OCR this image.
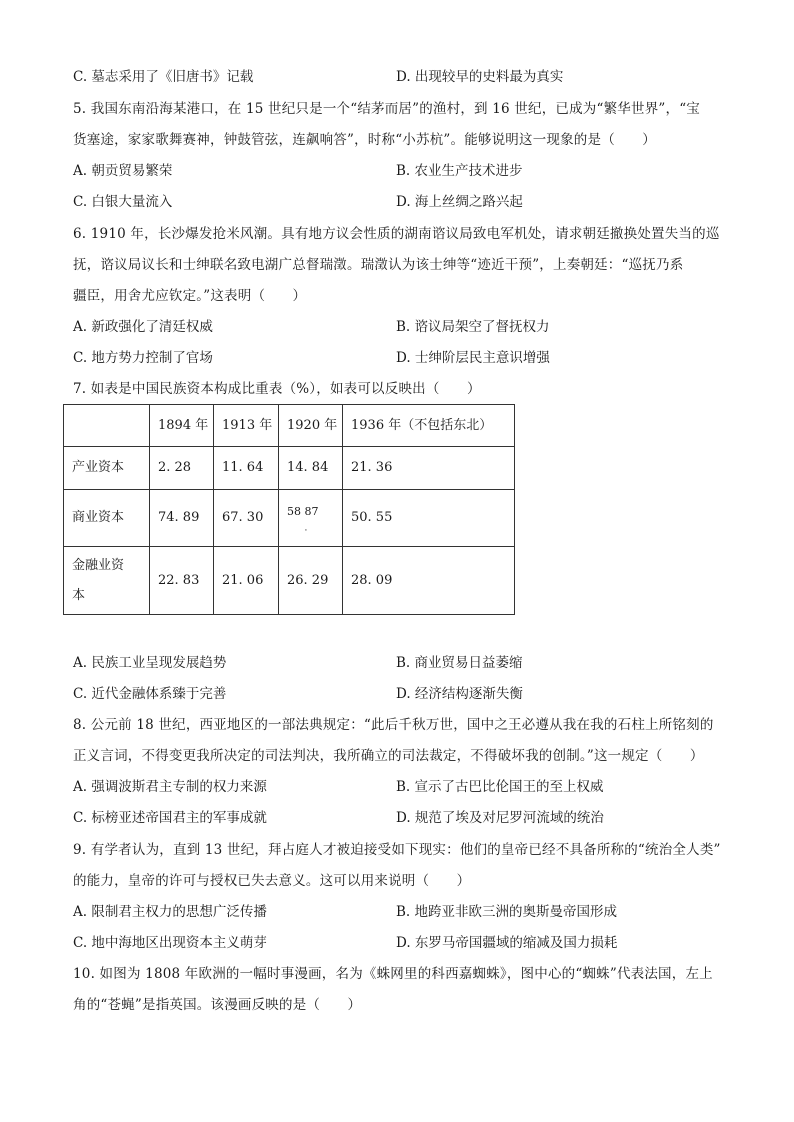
C. 墓志采用了《旧唐书》记载	D. 出现较早的史料最为真实
5. 我国东南沿海某港口，在 15 世纪只是一个“结茅而居”的渔村，到 16 世纪，已成为“繁华世界”，“宝
货塞途，家家歌舞赛神，钟鼓管弦，连飙响答”，时称“小苏杭”。能够说明这一现象的是（　　）
A. 朝贡贸易繁荣	B. 农业生产技术进步
C. 白银大量流入	D. 海上丝绸之路兴起
6. 1910 年，长沙爆发抢米风潮。具有地方议会性质的湖南谘议局致电军机处，请求朝廷撤换处置失当的巡
抚，谘议局议长和士绅联名致电湖广总督瑞澂。瑞澂认为该士绅等“迹近干预”，上奏朝廷：“巡抚乃系
疆臣，用舍尤应钦定。”这表明（　　）
A. 新政强化了清廷权威	B. 谘议局架空了督抚权力
C. 地方势力控制了官场	D. 士绅阶层民主意识增强
7. 如表是中国民族资本构成比重表（%），如表可以反映出（　　）
	1894 年	1913 年	1920 年	1936 年（不包括东北）
产业资本	2. 28	11. 64	14. 84	21. 36
商业资本	74. 89	67. 30	$^{58 87}$·	50. 55
金融业资
本	22. 83	21. 06	26. 29	28. 09
A. 民族工业呈现发展趋势	B. 商业贸易日益萎缩
C. 近代金融体系臻于完善	D. 经济结构逐渐失衡
8. 公元前 18 世纪，西亚地区的一部法典规定：“此后千秋万世，国中之王必遵从我在我的石柱上所铭刻的
正义言词，不得变更我所决定的司法判决，我所确立的司法裁定，不得破坏我的创制。”这一规定（　　）
A. 强调波斯君主专制的权力来源	B. 宣示了古巴比伦国王的至上权威
C. 标榜亚述帝国君主的军事成就	D. 规范了埃及对尼罗河流域的统治
9. 有学者认为，直到 13 世纪，拜占庭人才被迫接受如下现实：他们的皇帝已经不具备所称的“统治全人类”
的能力，皇帝的许可与授权已失去意义。这可以用来说明（　　）
A. 限制君主权力的思想广泛传播	B. 地跨亚非欧三洲的奥斯曼帝国形成
C. 地中海地区出现资本主义萌芽	D. 东罗马帝国疆域的缩减及国力损耗
10. 如图为 1808 年欧洲的一幅时事漫画，名为《蛛网里的科西嘉蜘蛛》，图中心的“蜘蛛”代表法国，左上
角的“苍蝇”是指英国。该漫画反映的是（　　）
